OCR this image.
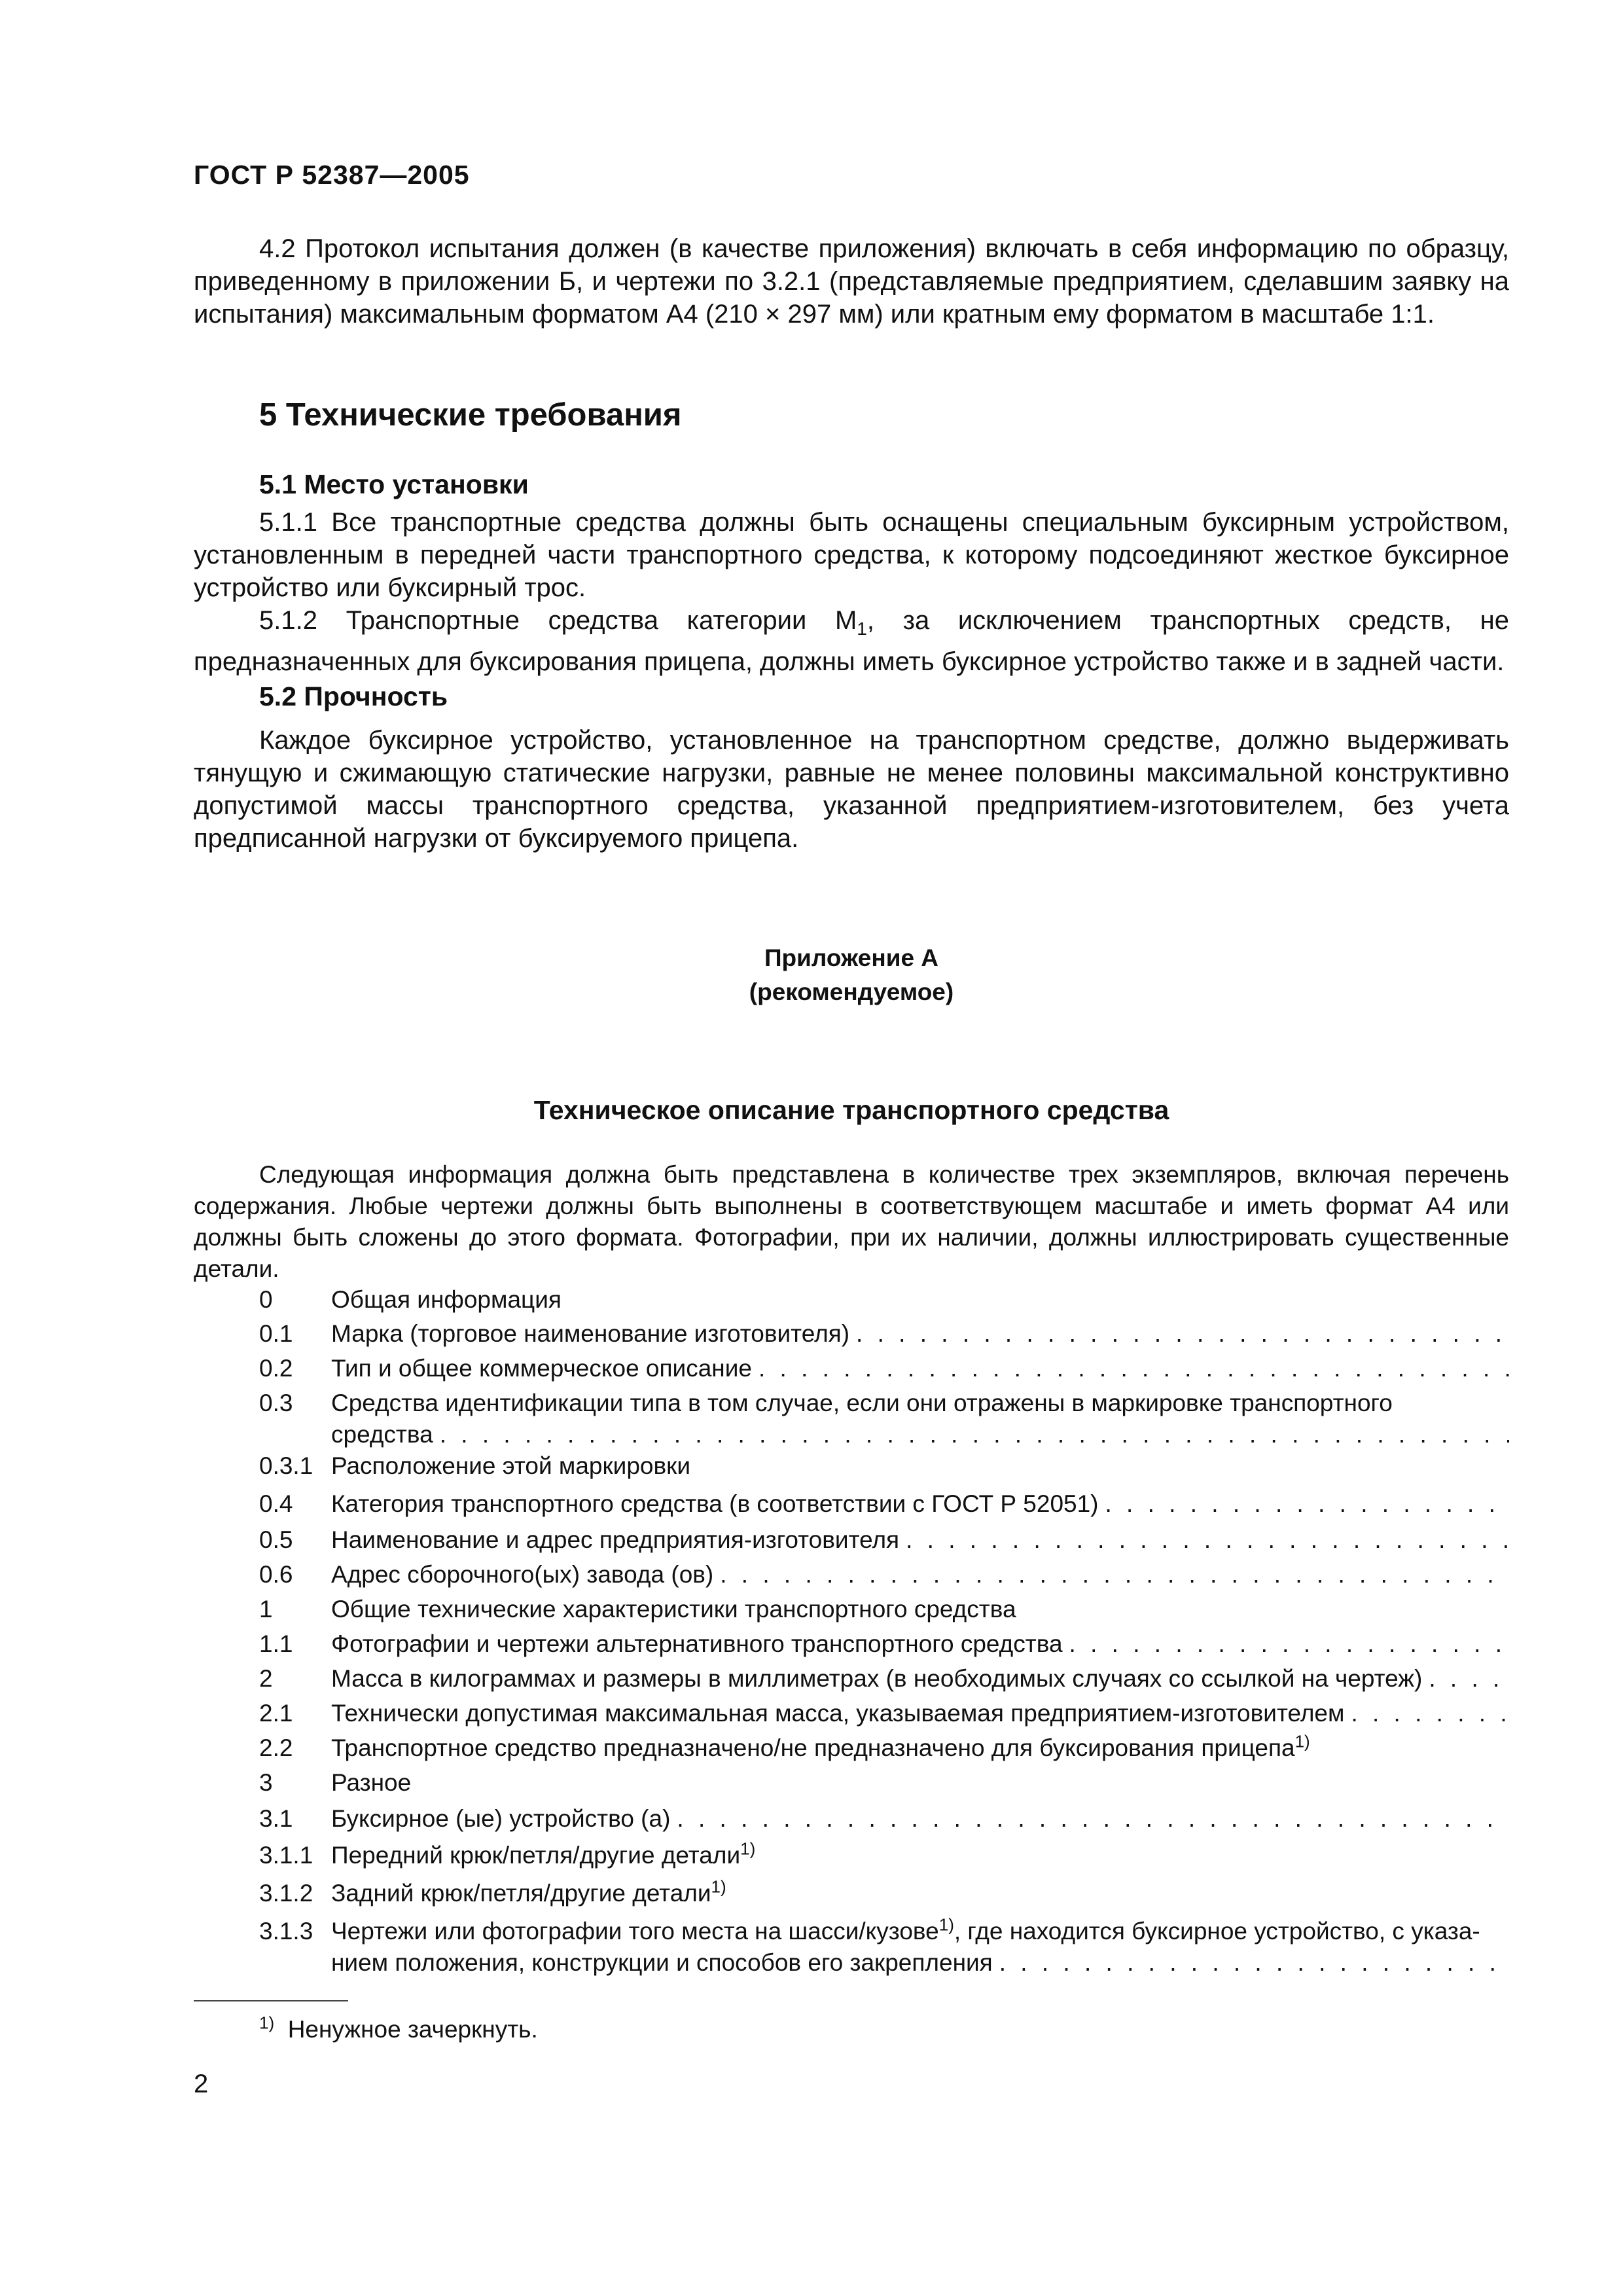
ГОСТ Р 52387—2005

4.2 Протокол испытания должен (в качестве приложения) включать в себя информацию по образцу, приведенному в приложении Б, и чертежи по 3.2.1 (представляемые предприятием, сделавшим заявку на испытания) максимальным форматом А4 (210 × 297 мм) или кратным ему форматом в масштабе 1:1.

5 Технические требования
5.1 Место установки

5.1.1 Все транспортные средства должны быть оснащены специальным буксирным устройством, установленным в передней части транспортного средства, к которому подсоединяют жесткое буксирное устройство или буксирный трос.

5.1.2 Транспортные средства категории $М_1$, за исключением транспортных средств, не предназначенных для буксирования прицепа, должны иметь буксирное устройство также и в задней части.

5.2 Прочность

Каждое буксирное устройство, установленное на транспортном средстве, должно выдерживать тянущую и сжимающую статические нагрузки, равные не менее половины максимальной конструктивно допустимой массы транспортного средства, указанной предприятием-изготовителем, без учета предписанной нагрузки от буксируемого прицепа.

Приложение А
(рекомендуемое)
Техническое описание транспортного средства

Следующая информация должна быть представлена в количестве трех экземпляров, включая перечень содержания. Любые чертежи должны быть выполнены в соответствующем масштабе и иметь формат А4 или должны быть сложены до этого формата. Фотографии, при их наличии, должны иллюстрировать существенные детали.

0 Общая информация
0.1 Марка (торговое наименование изготовителя)
. . .
0.2 Тип и общее коммерческое описание
. . .
0.3 Средства идентификации типа в том случае, если они отражены в маркировке транспортного
средства
. . .
0.3.1 Расположение этой маркировки
0.4 Категория транспортного средства (в соответствии с ГОСТ Р 52051)
. . .
0.5 Наименование и адрес предприятия-изготовителя
. . .
0.6 Адрес сборочного(ых) завода (ов)
. . .
1 Общие технические характеристики транспортного средства
1.1 Фотографии и чертежи альтернативного транспортного средства
. . .
2 Масса в килограммах и размеры в миллиметрах (в необходимых случаях со ссылкой на чертеж)
. . .
2.1 Технически допустимая максимальная масса, указываемая предприятием-изготовителем
. . .
2.2 Транспортное средство предназначено/не предназначено для буксирования прицепа$^{1)}$
3 Разное
3.1 Буксирное (ые) устройство (а)
. . .
3.1.1 Передний крюк/петля/другие детали$^{1)}$
3.1.2 Задний крюк/петля/другие детали$^{1)}$
3.1.3 Чертежи или фотографии того места на шасси/кузове$^{1)}$, где находится буксирное устройство, с указа-
нием положения, конструкции и способов его закрепления
. . .
$^{1)}$ Ненужное зачеркнуть.
2
